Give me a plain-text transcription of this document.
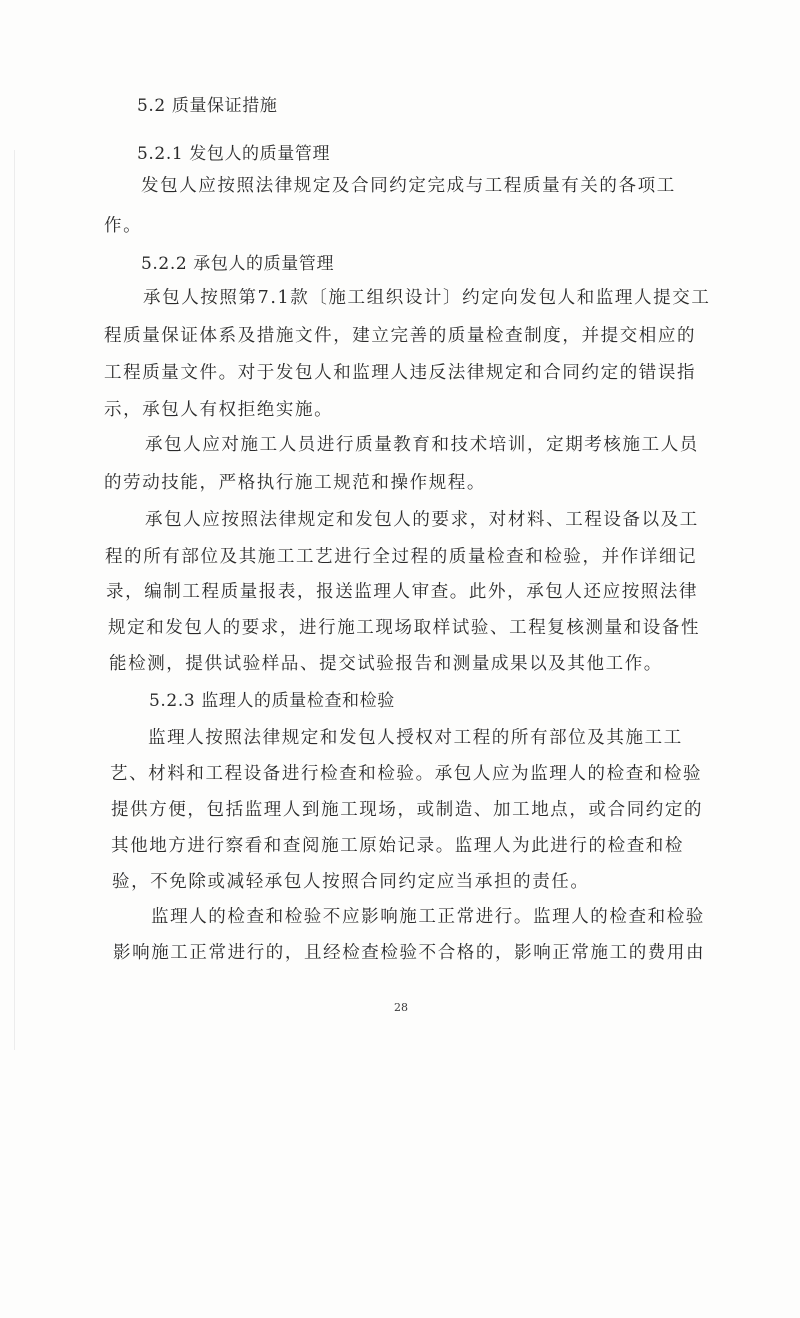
5.2 质量保证措施
5.2.1 发包人的质量管理
发包人应按照法律规定及合同约定完成与工程质量有关的各项工
作。
5.2.2 承包人的质量管理
承包人按照第7.1款〔施工组织设计〕约定向发包人和监理人提交工
程质量保证体系及措施文件，建立完善的质量检查制度，并提交相应的
工程质量文件。对于发包人和监理人违反法律规定和合同约定的错误指
示，承包人有权拒绝实施。
承包人应对施工人员进行质量教育和技术培训，定期考核施工人员
的劳动技能，严格执行施工规范和操作规程。
承包人应按照法律规定和发包人的要求，对材料、工程设备以及工
程的所有部位及其施工工艺进行全过程的质量检查和检验，并作详细记
录，编制工程质量报表，报送监理人审查。此外，承包人还应按照法律
规定和发包人的要求，进行施工现场取样试验、工程复核测量和设备性
能检测，提供试验样品、提交试验报告和测量成果以及其他工作。
5.2.3 监理人的质量检查和检验
监理人按照法律规定和发包人授权对工程的所有部位及其施工工
艺、材料和工程设备进行检查和检验。承包人应为监理人的检查和检验
提供方便，包括监理人到施工现场，或制造、加工地点，或合同约定的
其他地方进行察看和查阅施工原始记录。监理人为此进行的检查和检
验，不免除或减轻承包人按照合同约定应当承担的责任。
监理人的检查和检验不应影响施工正常进行。监理人的检查和检验
影响施工正常进行的，且经检查检验不合格的，影响正常施工的费用由
28
